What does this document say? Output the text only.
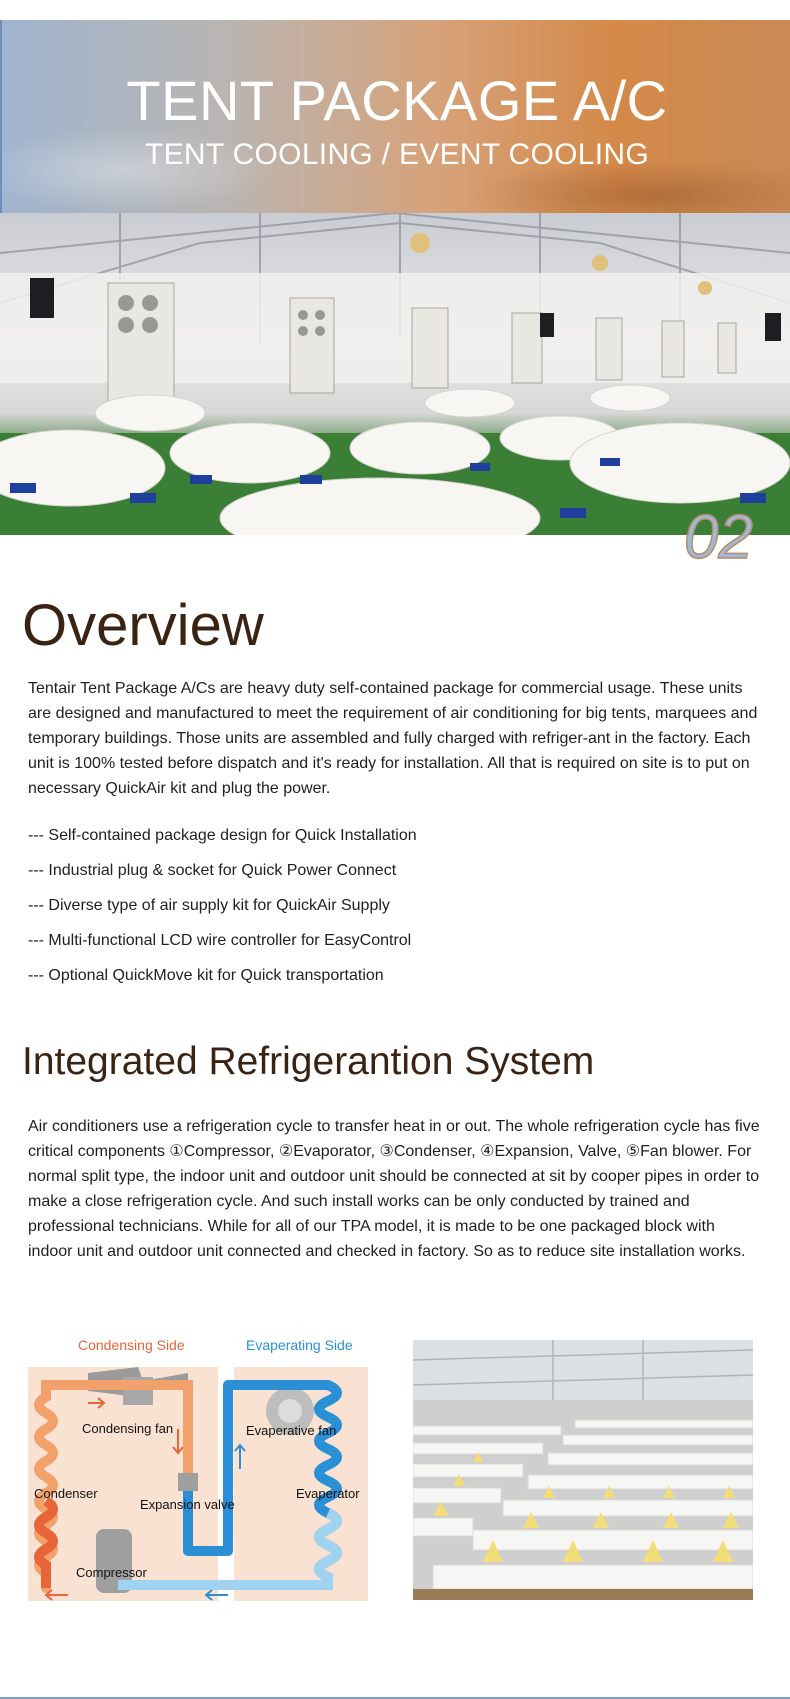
TENT PACKAGE A/C
TENT COOLING / EVENT COOLING
02
Overview

Tentair Tent Package A/Cs are heavy duty self-contained package for commercial usage. These units are designed and manufactured to meet the requirement of air conditioning for big tents, marquees and temporary buildings. Those units are assembled and fully charged with refriger-ant in the factory. Each unit is 100% tested before dispatch and it's ready for installation. All that is required on site is to put on necessary QuickAir kit and plug the power.

--- Self-contained package design for Quick Installation
--- Industrial plug & socket for Quick Power Connect
--- Diverse type of air supply kit for QuickAir Supply
--- Multi-functional LCD wire controller for EasyControl
--- Optional QuickMove kit for Quick transportation
Integrated Refrigerantion System

Air conditioners use a refrigeration cycle to transfer heat in or out. The whole refrigeration cycle has five critical components ①Compressor, ②Evaporator, ③Condenser, ④Expansion, Valve, ⑤Fan blower. For normal split type, the indoor unit and outdoor unit should be connected at sit by cooper pipes in order to make a close refrigeration cycle. And such install works can be only conducted by trained and professional technicians. While for all of our TPA model, it is made to be one packaged block with indoor unit and outdoor unit connected and checked in factory. So as to reduce site installation works.

Condensing Side	Evaperating Side
Condensing fan	Evaperative fan
Condenser
Expansion valve
Evaperator
Compressor
